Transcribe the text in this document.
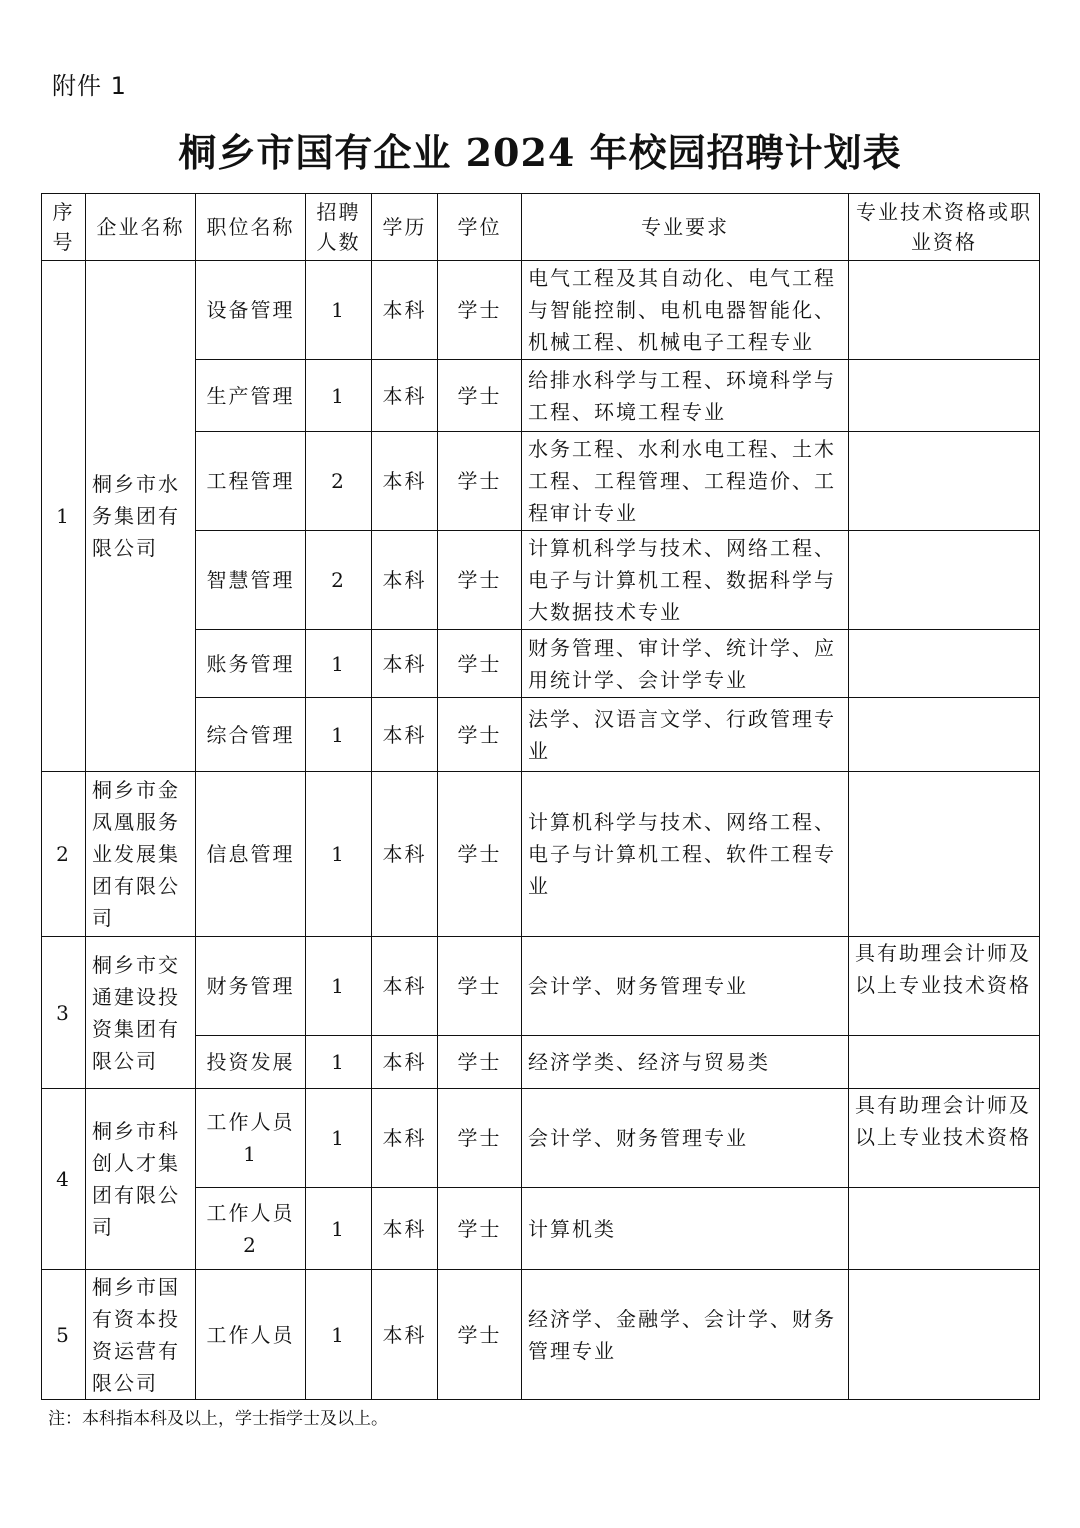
附件 1
桐乡市国有企业 2024 年校园招聘计划表
序号	企业名称	职位名称	招聘人数	学历	学位	专业要求	专业技术资格或职业资格
1	桐乡市水务集团有限公司	设备管理	1	本科	学士	电气工程及其自动化、电气工程与智能控制、电机电器智能化、机械工程、机械电子工程专业	
		生产管理	1	本科	学士	给排水科学与工程、环境科学与工程、环境工程专业	
		工程管理	2	本科	学士	水务工程、水利水电工程、土木工程、工程管理、工程造价、工程审计专业	
		智慧管理	2	本科	学士	计算机科学与技术、网络工程、电子与计算机工程、数据科学与大数据技术专业	
		账务管理	1	本科	学士	财务管理、审计学、统计学、应用统计学、会计学专业	
		综合管理	1	本科	学士	法学、汉语言文学、行政管理专业	
2	桐乡市金凤凰服务业发展集团有限公司	信息管理	1	本科	学士	计算机科学与技术、网络工程、电子与计算机工程、软件工程专业	
3	桐乡市交通建设投资集团有限公司	财务管理	1	本科	学士	会计学、财务管理专业	具有助理会计师及以上专业技术资格
		投资发展	1	本科	学士	经济学类、经济与贸易类	
4	桐乡市科创人才集团有限公司	工作人员1	1	本科	学士	会计学、财务管理专业	具有助理会计师及以上专业技术资格
		工作人员2	1	本科	学士	计算机类	
5	桐乡市国有资本投资运营有限公司	工作人员	1	本科	学士	经济学、金融学、会计学、财务管理专业	
注：本科指本科及以上，学士指学士及以上。
